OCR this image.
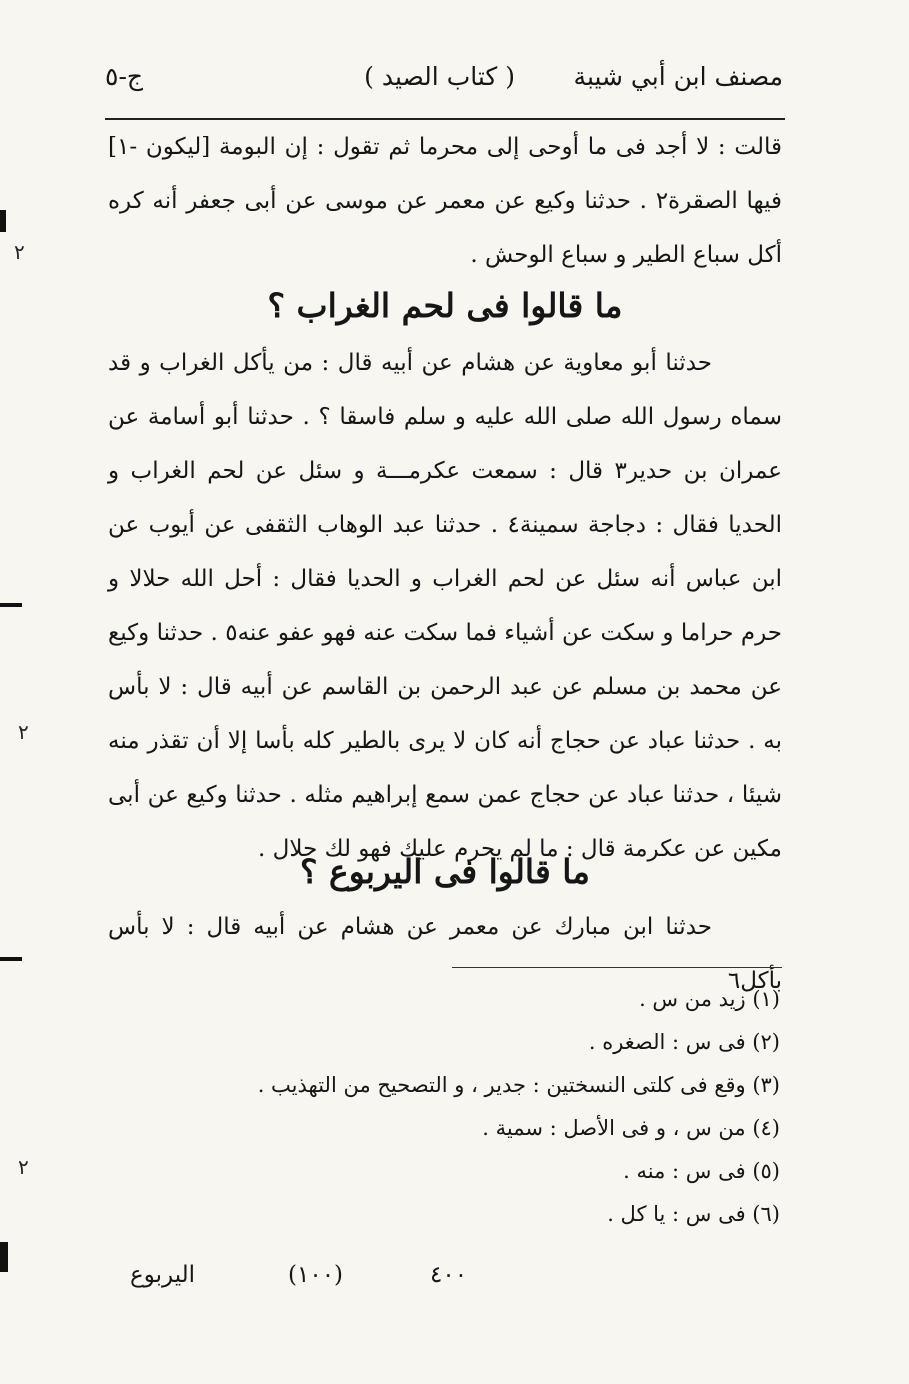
مصنف ابن أبي شيبة
( كتاب الصيد )
ج-٥

قالت : لا أجد فى ما أوحى إلى محرما ثم تقول : إن البومة [ليكون -١] فيها الصقرة٢ . حدثنا وكيع عن معمر عن موسى عن أبى جعفر أنه كره أكل سباع الطير و سباع الوحش .

ما قالوا فى لحم الغراب ؟

حدثنا أبو معاوية عن هشام عن أبيه قال : من يأكل الغراب و قد سماه رسول الله صلى الله عليه و سلم فاسقا ؟ . حدثنا أبو أسامة عن عمران بن حدير٣ قال : سمعت عكرمـــة و سئل عن لحم الغراب و الحديا فقال : دجاجة سمينة٤ . حدثنا عبد الوهاب الثقفى عن أيوب عن ابن عباس أنه سئل عن لحم الغراب و الحديا فقال : أحل الله حلالا و حرم حراما و سكت عن أشياء فما سكت عنه فهو عفو عنه٥ . حدثنا وكيع عن محمد بن مسلم عن عبد الرحمن بن القاسم عن أبيه قال : لا بأس به . حدثنا عباد عن حجاج أنه كان لا يرى بالطير كله بأسا إلا أن تقذر منه شيئا ، حدثنا عباد عن حجاج عمن سمع إبراهيم مثله . حدثنا وكيع عن أبى مكين عن عكرمة قال : ما لم يحرم عليك فهو لك حلال .

ما قالوا فى اليربوع ؟

حدثنا ابن مبارك عن معمر عن هشام عن أبيه قال : لا بأس بأكل٦

(١) زيد من س .
(٢) فى س : الصغره .
(٣) وقع فى كلتى النسختين : جدير ، و التصحيح من التهذيب .
(٤) من س ، و فى الأصل : سمية .
(٥) فى س : منه .
(٦) فى س : يا كل .
اليربوع	(١٠٠)	٤٠٠
٢
٢
٢
